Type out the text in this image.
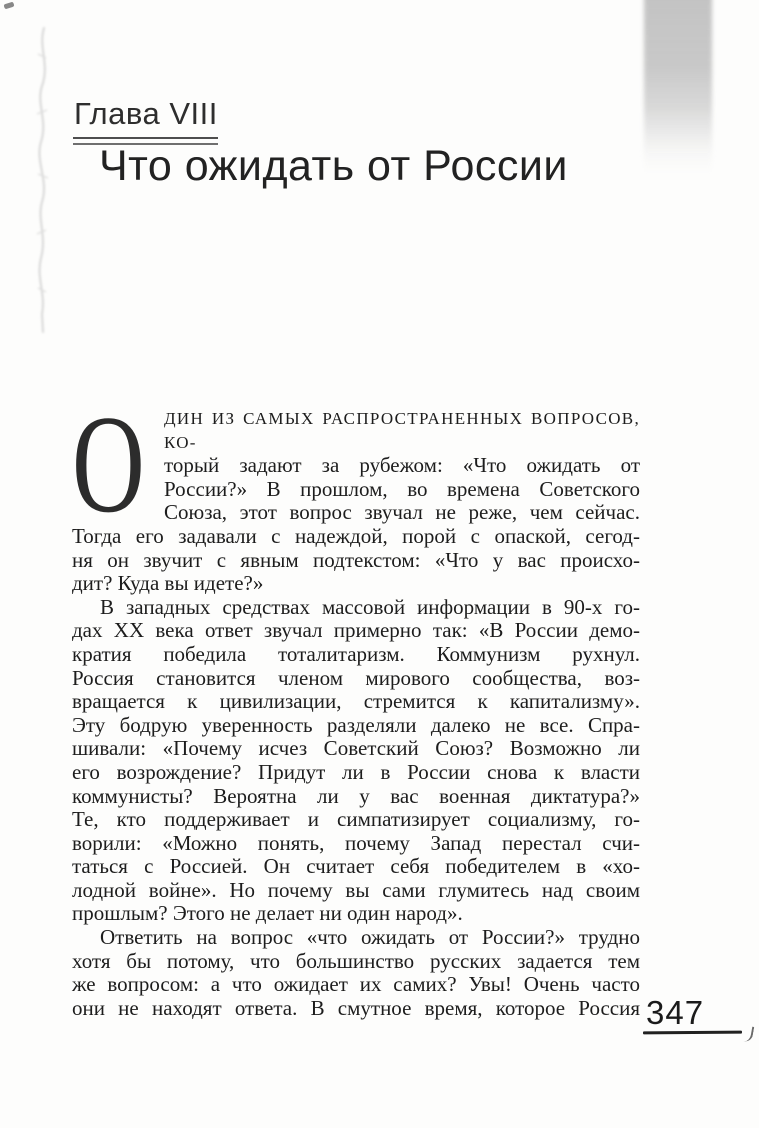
Глава VIII
Что ожидать от России
О	ДИН ИЗ САМЫХ РАСПРОСТРАНЕННЫХ ВОПРОСОВ, КО-
торый задают за рубежом: «Что ожидать от
России?» В прошлом, во времена Советского
Союза, этот вопрос звучал не реже, чем сейчас.
Тогда его задавали с надеждой, порой с опаской, сегод-
ня он звучит с явным подтекстом: «Что у вас происхо-
дит? Куда вы идете?»
В западных средствах массовой информации в 90-х го-
дах XX века ответ звучал примерно так: «В России демо-
кратия победила тоталитаризм. Коммунизм рухнул.
Россия становится членом мирового сообщества, воз-
вращается к цивилизации, стремится к капитализму».
Эту бодрую уверенность разделяли далеко не все. Спра-
шивали: «Почему исчез Советский Союз? Возможно ли
его возрождение? Придут ли в России снова к власти
коммунисты? Вероятна ли у вас военная диктатура?»
Те, кто поддерживает и симпатизирует социализму, го-
ворили: «Можно понять, почему Запад перестал счи-
таться с Россией. Он считает себя победителем в «хо-
лодной войне». Но почему вы сами глумитесь над своим
прошлым? Этого не делает ни один народ».
Ответить на вопрос «что ожидать от России?» трудно
хотя бы потому, что большинство русских задается тем
же вопросом: а что ожидает их самих? Увы! Очень часто
они не находят ответа. В смутное время, которое Россия 347
